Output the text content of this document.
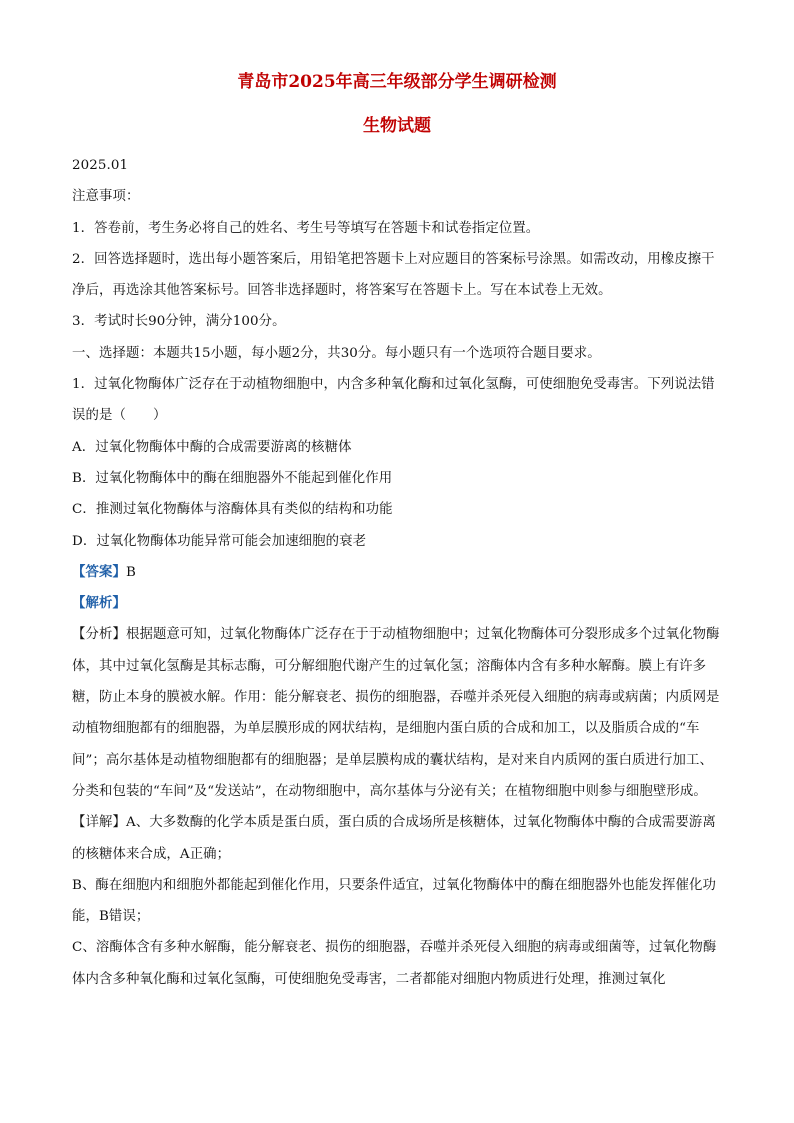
青岛市2025年高三年级部分学生调研检测
生物试题

2025.01

注意事项：

1．答卷前，考生务必将自己的姓名、考生号等填写在答题卡和试卷指定位置。

2．回答选择题时，选出每小题答案后，用铅笔把答题卡上对应题目的答案标号涂黑。如需改动，用橡皮擦干净后，再选涂其他答案标号。回答非选择题时，将答案写在答题卡上。写在本试卷上无效。

3．考试时长90分钟，满分100分。

一、选择题：本题共15小题，每小题2分，共30分。每小题只有一个选项符合题目要求。

1．过氧化物酶体广泛存在于动植物细胞中，内含多种氧化酶和过氧化氢酶，可使细胞免受毒害。下列说法错误的是（　　）

A．过氧化物酶体中酶的合成需要游离的核糖体

B．过氧化物酶体中的酶在细胞器外不能起到催化作用

C．推测过氧化物酶体与溶酶体具有类似的结构和功能

D．过氧化物酶体功能异常可能会加速细胞的衰老

【答案】B

【解析】

【分析】根据题意可知，过氧化物酶体广泛存在于于动植物细胞中；过氧化物酶体可分裂形成多个过氧化物酶体，其中过氧化氢酶是其标志酶，可分解细胞代谢产生的过氧化氢；溶酶体内含有多种水解酶。膜上有许多糖，防止本身的膜被水解。作用：能分解衰老、损伤的细胞器，吞噬并杀死侵入细胞的病毒或病菌；内质网是动植物细胞都有的细胞器，为单层膜形成的网状结构，是细胞内蛋白质的合成和加工，以及脂质合成的“车间”；高尔基体是动植物细胞都有的细胞器；是单层膜构成的囊状结构，是对来自内质网的蛋白质进行加工、分类和包装的“车间”及“发送站”，在动物细胞中，高尔基体与分泌有关；在植物细胞中则参与细胞壁形成。

【详解】A、大多数酶的化学本质是蛋白质，蛋白质的合成场所是核糖体，过氧化物酶体中酶的合成需要游离的核糖体来合成，A正确；

B、酶在细胞内和细胞外都能起到催化作用，只要条件适宜，过氧化物酶体中的酶在细胞器外也能发挥催化功能，B错误；

C、溶酶体含有多种水解酶，能分解衰老、损伤的细胞器，吞噬并杀死侵入细胞的病毒或细菌等，过氧化物酶体内含多种氧化酶和过氧化氢酶，可使细胞免受毒害，二者都能对细胞内物质进行处理，推测过氧化
